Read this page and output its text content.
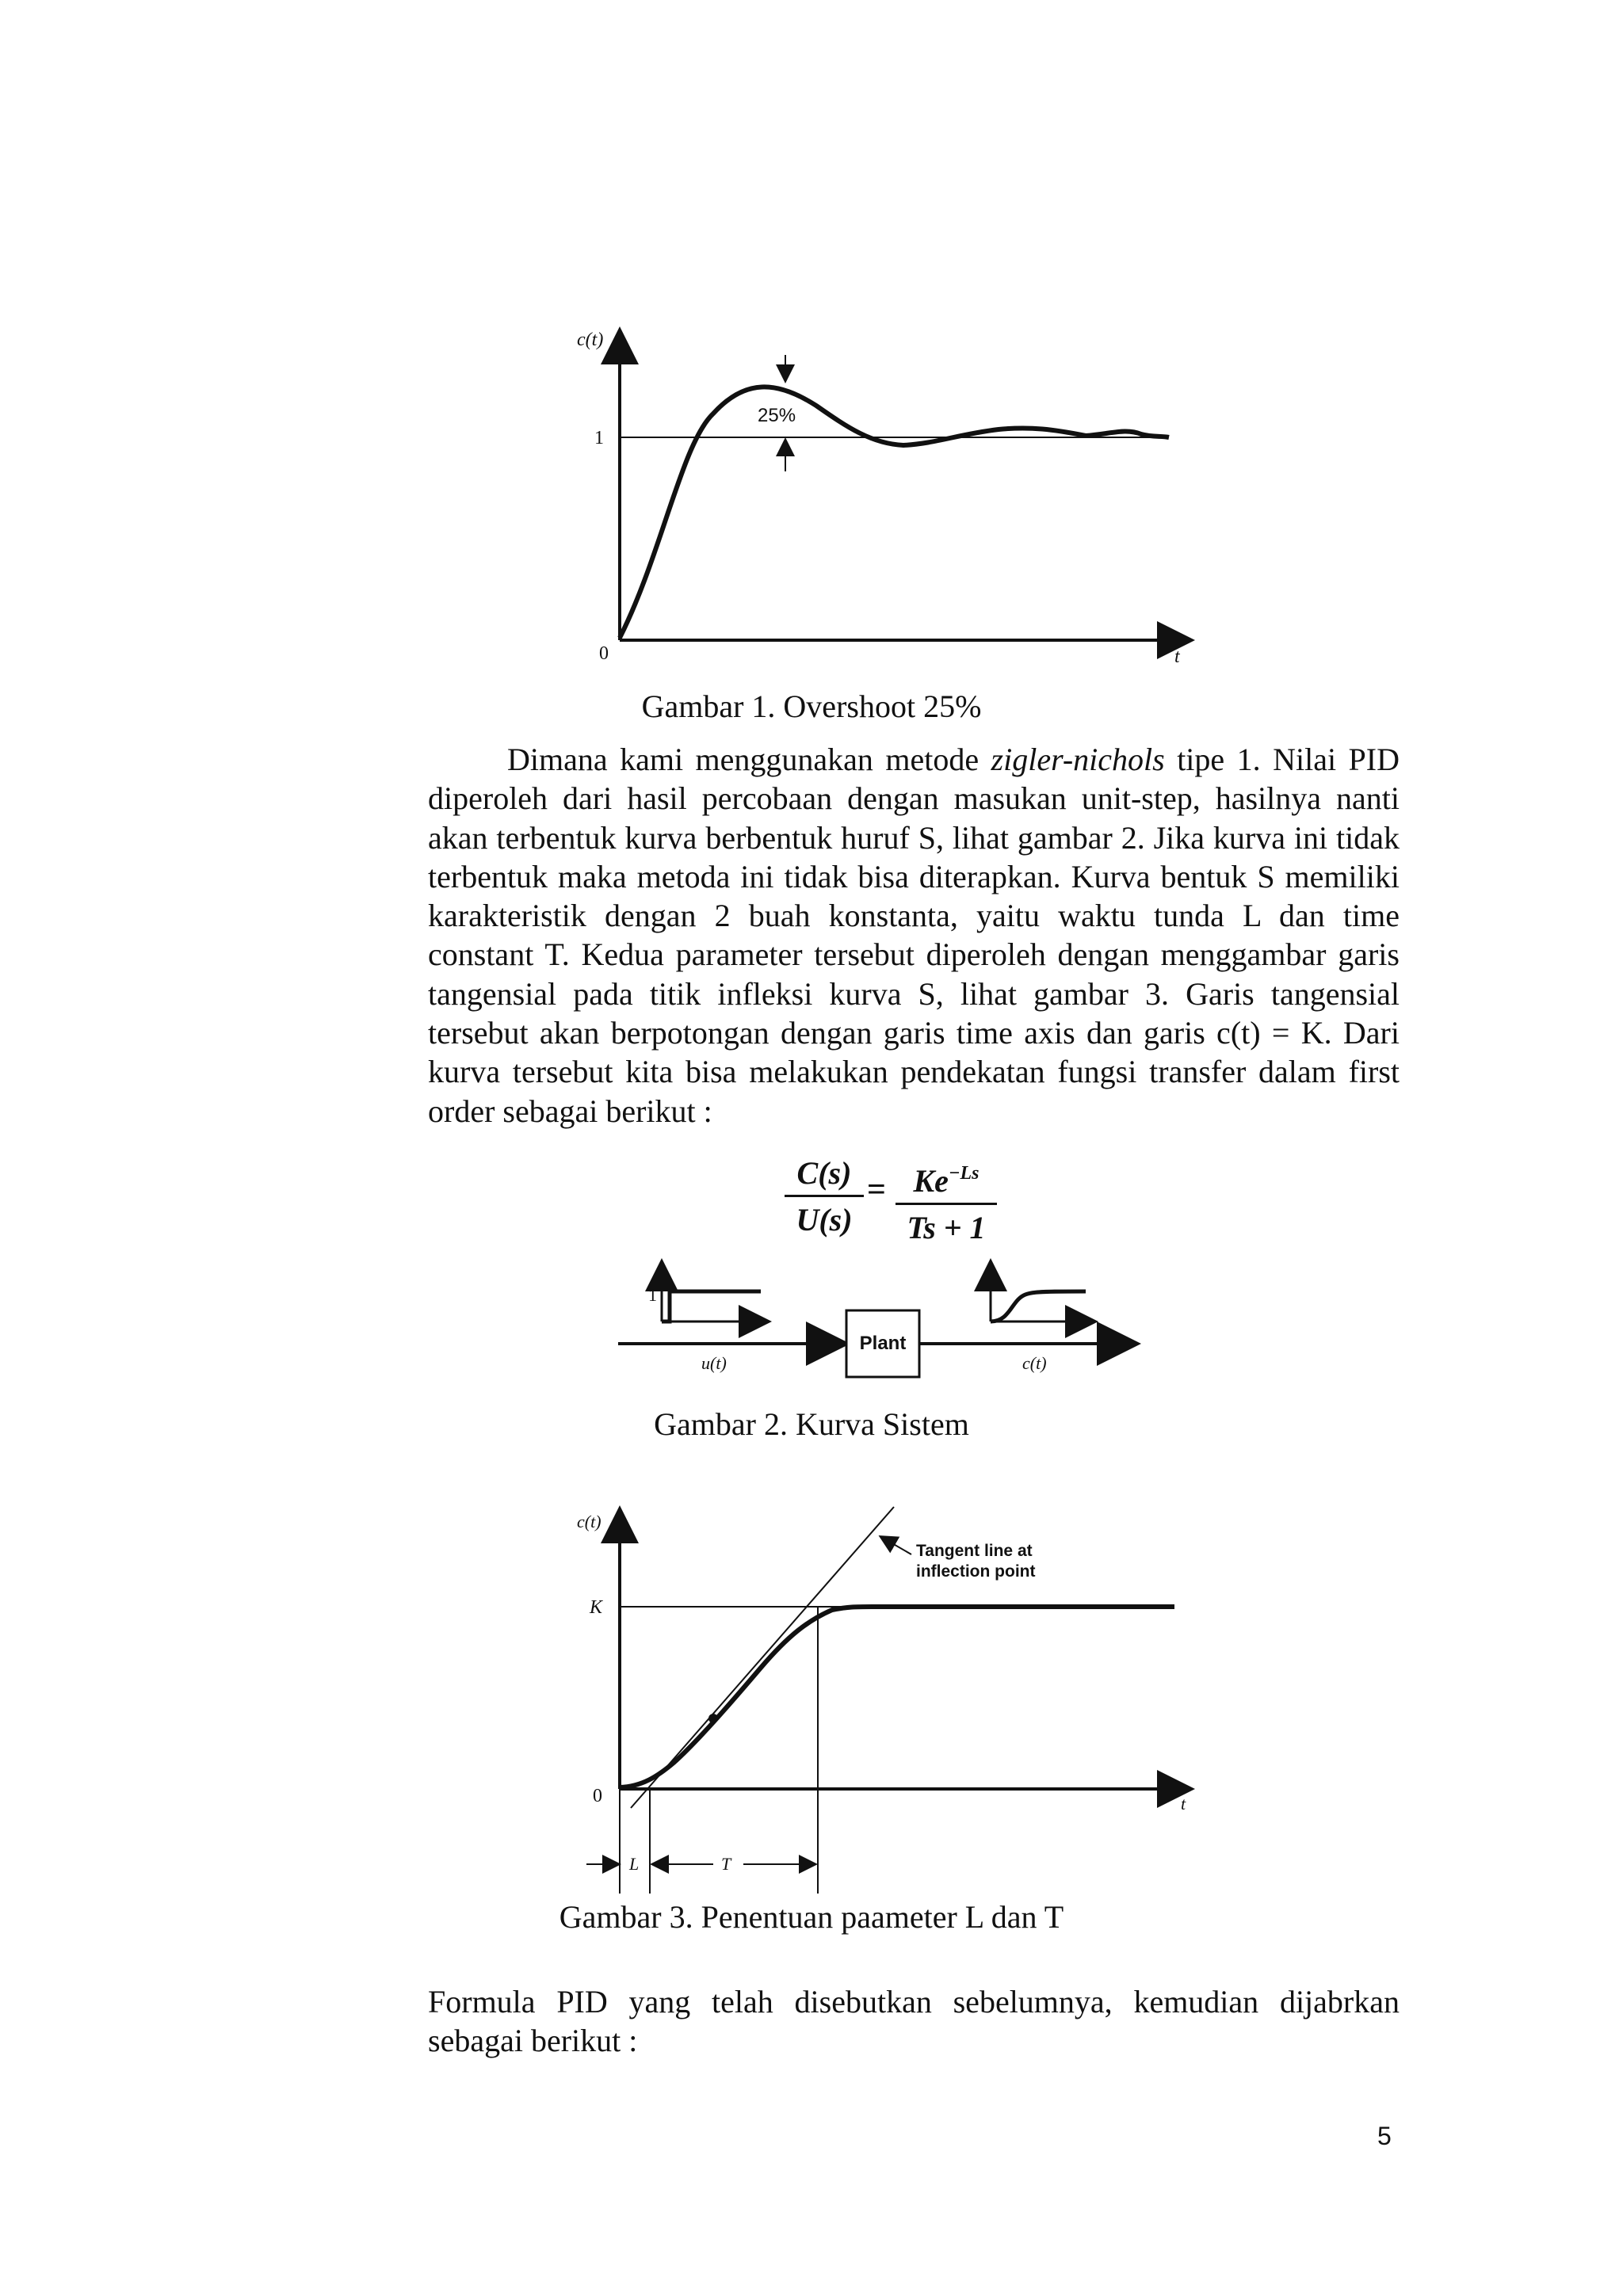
25%
c(t)
1
0	t
Gambar 1. Overshoot 25%
Dimana kami menggunakan metode zigler-nichols tipe 1. Nilai PID diperoleh dari hasil percobaan dengan masukan unit-step, hasilnya nanti akan terbentuk kurva berbentuk huruf S, lihat gambar 2. Jika kurva ini tidak terbentuk maka metoda ini tidak bisa diterapkan. Kurva bentuk S memiliki karakteristik dengan 2 buah konstanta, yaitu waktu tunda L dan time constant T. Kedua parameter tersebut diperoleh dengan menggambar garis tangensial pada titik infleksi kurva S, lihat gambar 3. Garis tangensial tersebut akan berpotongan dengan garis time axis dan garis c(t) = K. Dari kurva tersebut kita bisa melakukan pendekatan fungsi transfer dalam first order sebagai berikut :
$\frac{C(s)}{U(s)} = \frac{Ke^{-Ls}}{Ts + 1}$
1
u(t)
Plant
c(t)
Gambar 2. Kurva Sistem
Tangent line at
inflection point
c(t)
K
0	t
L	T
Gambar 3. Penentuan paameter L dan T
Formula PID yang telah disebutkan sebelumnya, kemudian dijabrkan sebagai berikut :
5
